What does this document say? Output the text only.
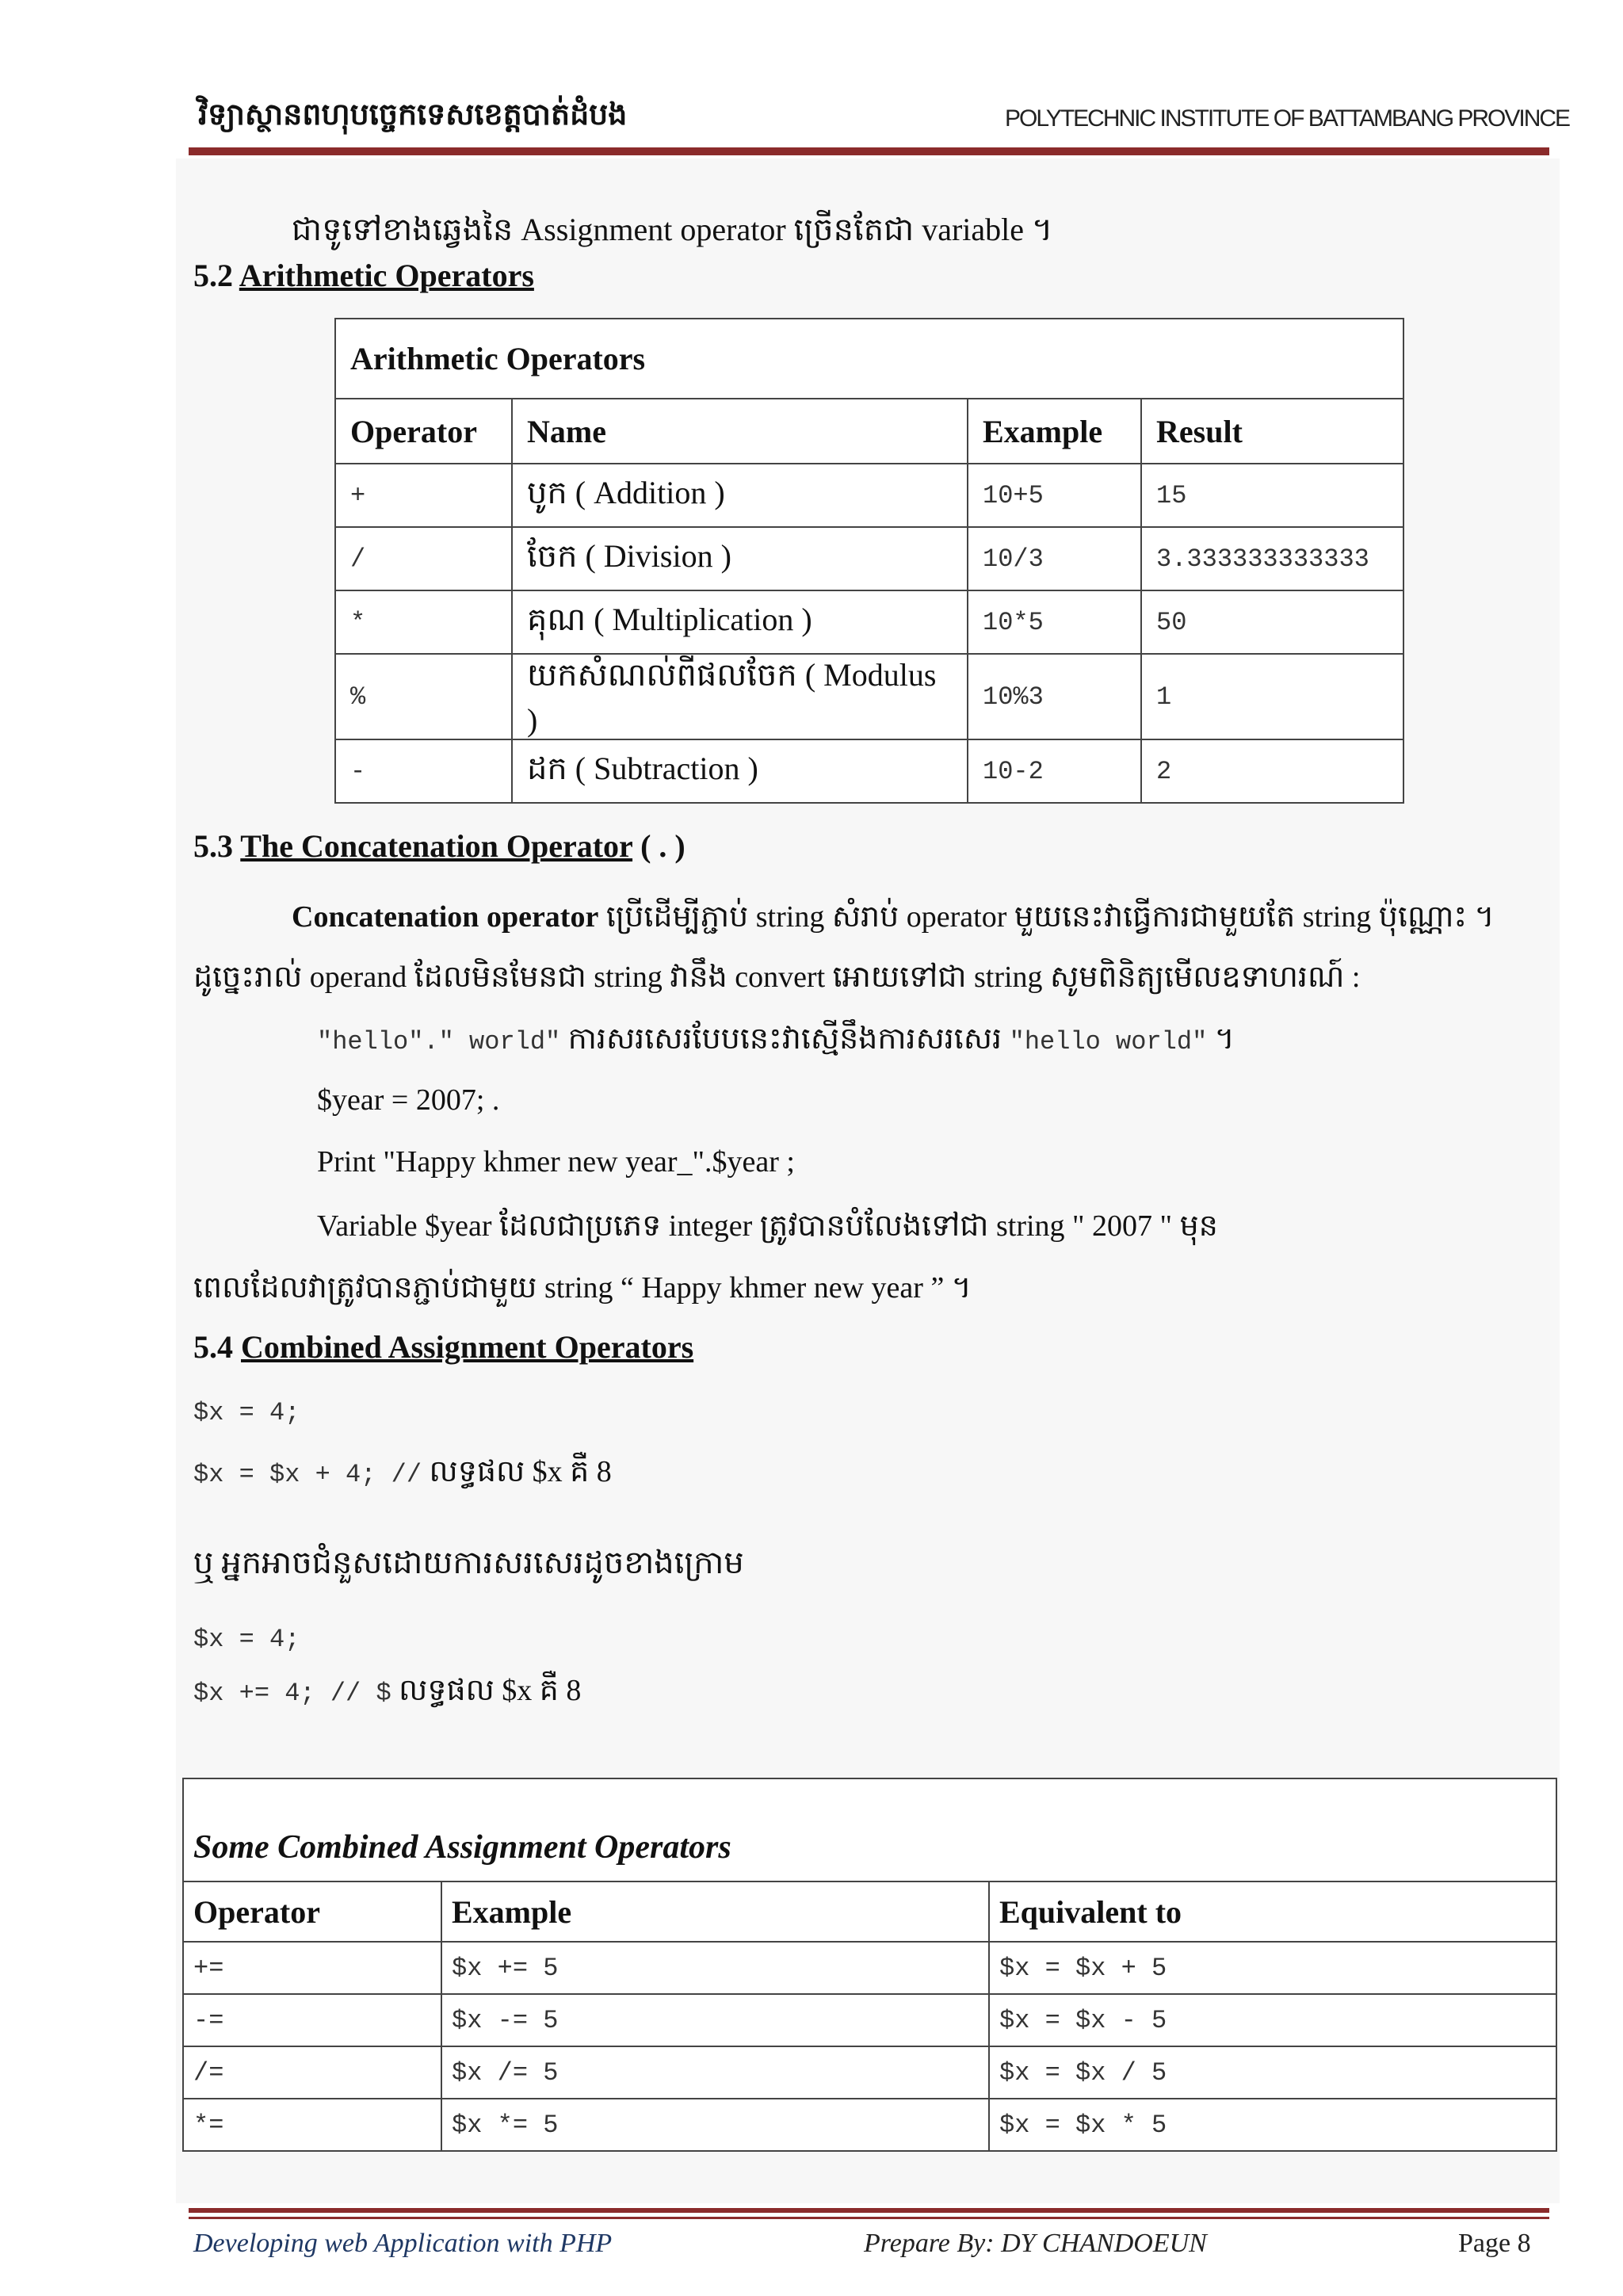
វិទ្យាស្ថានពហុបច្ចេកទេសខេត្តបាត់ដំបង	POLYTECHNIC INSTITUTE OF BATTAMBANG PROVINCE
ជាទូទៅខាងឆ្វេងនៃ Assignment operator ច្រើនតែជា variable ។
5.2 Arithmetic Operators
Arithmetic Operators			
Operator	Name	Example	Result
+	បូក ( Addition )	10+5	15
/	ចែក ( Division )	10/3	3.333333333333
*	គុណ ( Multiplication )	10*5	50
%	យកសំណល់ពីផលចែក ( Modulus )	10%3	1
-	ដក ( Subtraction )	10-2	2
5.3 The Concatenation Operator ( . )
Concatenation operator ប្រើដើម្បីភ្ជាប់ string សំរាប់ operator មួយនេះវាធ្វើការជាមួយតែ string ប៉ុណ្ណោះ ។
ដូច្នេះរាល់ operand ដែលមិនមែនជា string វានឹង convert អោយទៅជា string សូមពិនិត្យមើលឧទាហរណ៍ :
"hello"." world" ការសរសេរបែបនេះវាស្មើនឹងការសរសេរ "hello world" ។
$year = 2007; .
Print "Happy khmer new year_".$year ;
Variable $year ដែលជាប្រភេទ integer ត្រូវបានបំលែងទៅជា string " 2007 " មុន
ពេលដែលវាត្រូវបានភ្ជាប់ជាមួយ string “ Happy khmer new year ” ។
5.4 Combined Assignment Operators
$x = 4;
$x = $x + 4; // លទ្ធផល $x គឺ 8
ឬ អ្នកអាចជំនួសដោយការសរសេរដូចខាងក្រោម
$x = 4;
$x += 4; // $ លទ្ធផល $x គឺ 8
Some Combined Assignment Operators		
Operator	Example	Equivalent to
+=	$x += 5	$x = $x + 5
-=	$x -= 5	$x = $x - 5
/=	$x /= 5	$x = $x / 5
*=	$x *= 5	$x = $x * 5
Developing web Application with PHP	Prepare By: DY CHANDOEUN	Page 8
